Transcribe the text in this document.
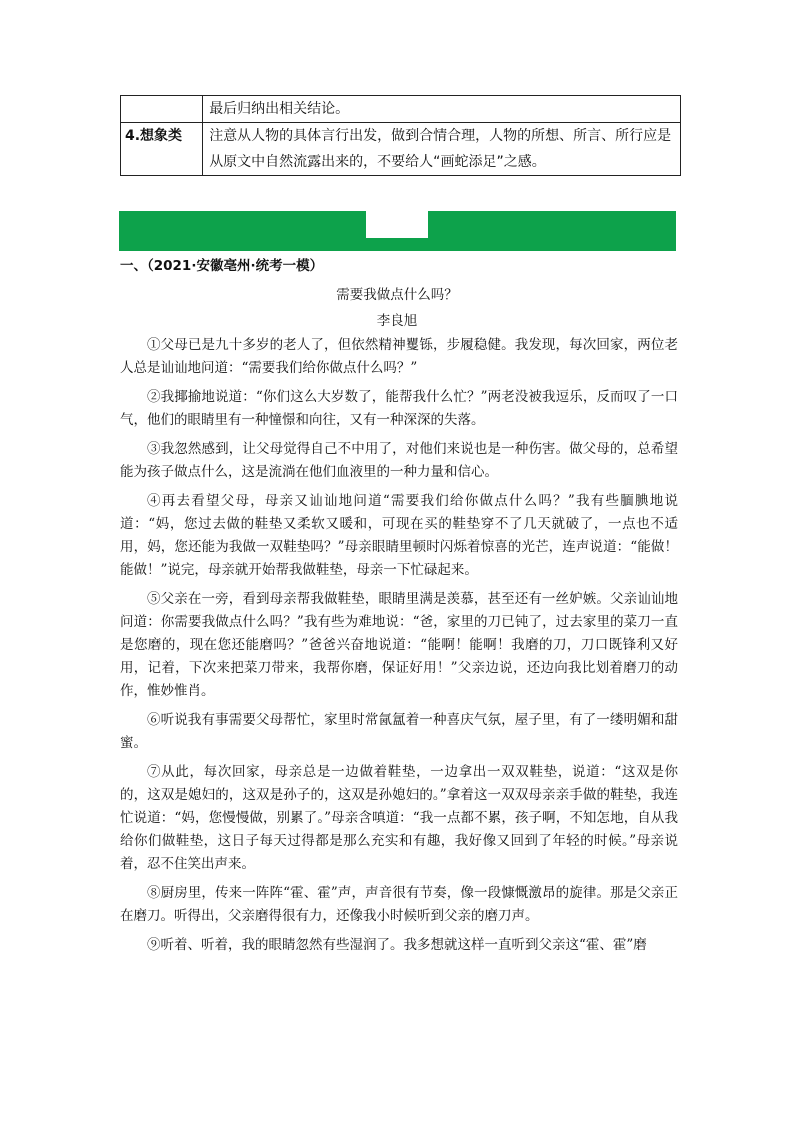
	最后归纳出相关结论。
4.想象类	注意从人物的具体言行出发，做到合情合理，人物的所想、所言、所行应是从原文中自然流露出来的，不要给人“画蛇添足”之感。
一、（2021·安徽亳州·统考一模）
需要我做点什么吗？
李良旭

①父母已是九十多岁的老人了，但依然精神矍铄，步履稳健。我发现，每次回家，两位老人总是讪讪地问道：“需要我们给你做点什么吗？”

②我揶揄地说道：“你们这么大岁数了，能帮我什么忙？”两老没被我逗乐，反而叹了一口气，他们的眼睛里有一种憧憬和向往，又有一种深深的失落。

③我忽然感到，让父母觉得自己不中用了，对他们来说也是一种伤害。做父母的，总希望能为孩子做点什么，这是流淌在他们血液里的一种力量和信心。

④再去看望父母，母亲又讪讪地问道“需要我们给你做点什么吗？”我有些腼腆地说道：“妈，您过去做的鞋垫又柔软又暖和，可现在买的鞋垫穿不了几天就破了，一点也不适用，妈，您还能为我做一双鞋垫吗？”母亲眼睛里顿时闪烁着惊喜的光芒，连声说道：“能做！能做！”说完，母亲就开始帮我做鞋垫，母亲一下忙碌起来。

⑤父亲在一旁，看到母亲帮我做鞋垫，眼睛里满是羡慕，甚至还有一丝妒嫉。父亲讪讪地问道：你需要我做点什么吗？”我有些为难地说：“爸，家里的刀已钝了，过去家里的菜刀一直是您磨的，现在您还能磨吗？”爸爸兴奋地说道：“能啊！能啊！我磨的刀，刀口既锋利又好用，记着，下次来把菜刀带来，我帮你磨，保证好用！”父亲边说，还边向我比划着磨刀的动作，惟妙惟肖。

⑥听说我有事需要父母帮忙，家里时常氤氲着一种喜庆气氛，屋子里，有了一缕明媚和甜蜜。

⑦从此，每次回家，母亲总是一边做着鞋垫，一边拿出一双双鞋垫，说道：“这双是你的，这双是媳妇的，这双是孙子的，这双是孙媳妇的。”拿着这一双双母亲亲手做的鞋垫，我连忙说道：“妈，您慢慢做，别累了。”母亲含嗔道：“我一点都不累，孩子啊，不知怎地，自从我给你们做鞋垫，这日子每天过得都是那么充实和有趣，我好像又回到了年轻的时候。”母亲说着，忍不住笑出声来。

⑧厨房里，传来一阵阵“霍、霍”声，声音很有节奏，像一段慷慨激昂的旋律。那是父亲正在磨刀。听得出，父亲磨得很有力，还像我小时候听到父亲的磨刀声。

⑨听着、听着，我的眼睛忽然有些湿润了。我多想就这样一直听到父亲这“霍、霍”磨
